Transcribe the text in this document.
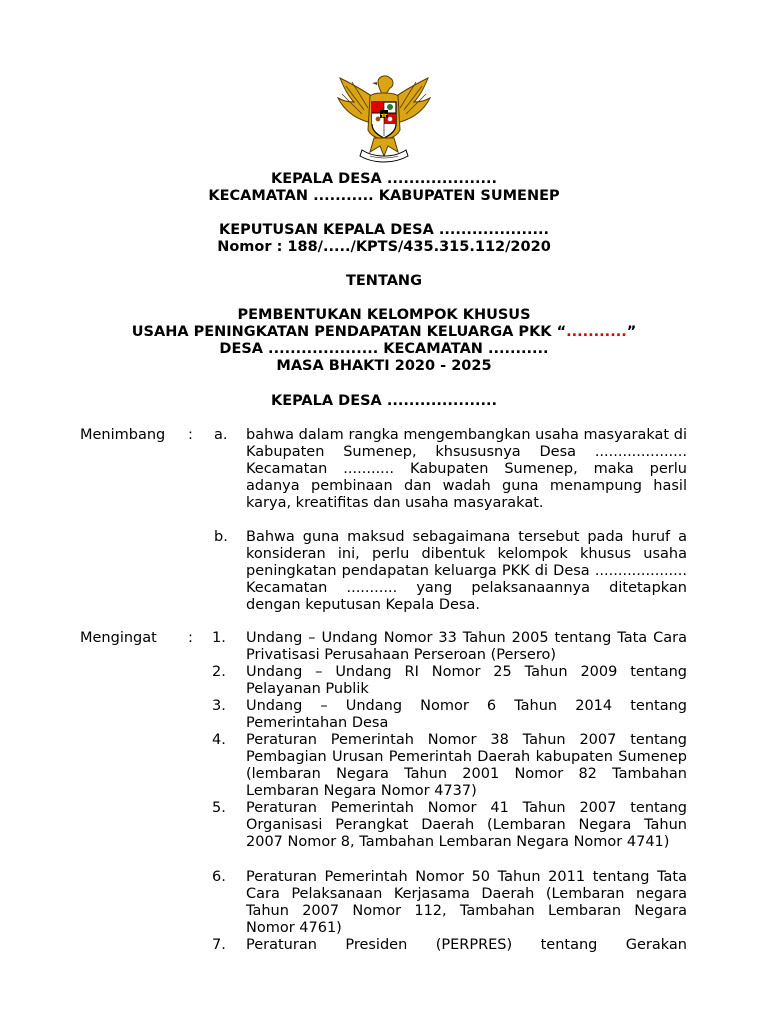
KEPALA DESA ....................
KECAMATAN ........... KABUPATEN SUMENEP
KEPUTUSAN KEPALA DESA ....................
Nomor : 188/...../KPTS/435.315.112/2020
TENTANG
PEMBENTUKAN KELOMPOK KHUSUS
USAHA PENINGKATAN PENDAPATAN KELUARGA PKK “...........”
DESA .................... KECAMATAN ...........
MASA BHAKTI 2020 - 2025
KEPALA DESA ....................
Menimbang : a. bahwa dalam rangka mengembangkan usaha masyarakat di Kabupaten Sumenep, khsususnya Desa .................... Kecamatan ........... Kabupaten Sumenep, maka perlu adanya pembinaan dan wadah guna menampung hasil karya, kreatifitas dan usaha masyarakat.
b. Bahwa guna maksud sebagaimana tersebut pada huruf a konsideran ini, perlu dibentuk kelompok khusus usaha peningkatan pendapatan keluarga PKK di Desa .................... Kecamatan ........... yang pelaksanaannya ditetapkan dengan keputusan Kepala Desa.
Mengingat : 1. Undang – Undang Nomor 33 Tahun 2005 tentang Tata Cara Privatisasi Perusahaan Perseroan (Persero)
2. Undang – Undang RI Nomor 25 Tahun 2009 tentang Pelayanan Publik
3. Undang – Undang Nomor 6 Tahun 2014 tentang Pemerintahan Desa
4. Peraturan Pemerintah Nomor 38 Tahun 2007 tentang Pembagian Urusan Pemerintah Daerah kabupaten Sumenep (lembaran Negara Tahun 2001 Nomor 82 Tambahan Lembaran Negara Nomor 4737)
5. Peraturan Pemerintah Nomor 41 Tahun 2007 tentang Organisasi Perangkat Daerah (Lembaran Negara Tahun 2007 Nomor 8, Tambahan Lembaran Negara Nomor 4741)
6. Peraturan Pemerintah Nomor 50 Tahun 2011 tentang Tata Cara Pelaksanaan Kerjasama Daerah (Lembaran negara Tahun 2007 Nomor 112, Tambahan Lembaran Negara Nomor 4761)
7. Peraturan Presiden (PERPRES) tentang Gerakan
